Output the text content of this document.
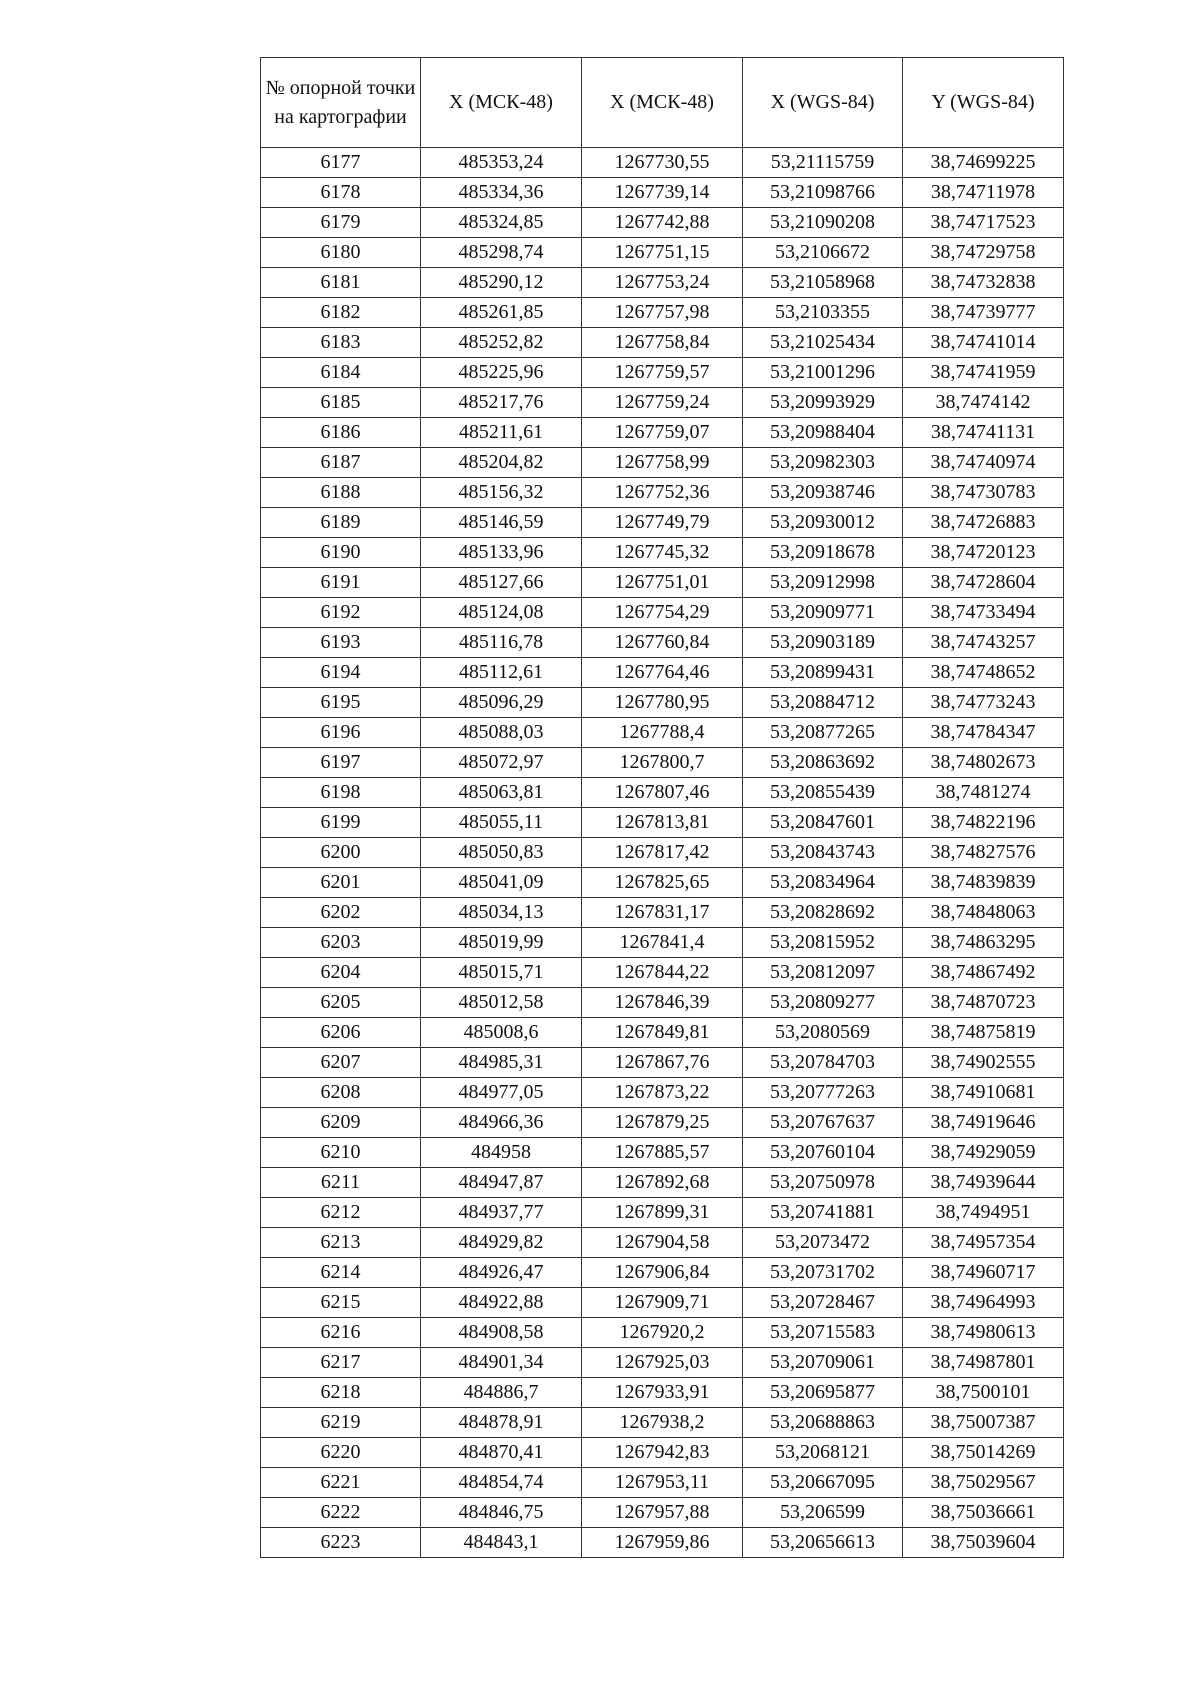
№ опорной точки на картографии	X (МСК-48)	X (МСК-48)	X (WGS-84)	Y (WGS-84)
6177	485353,24	1267730,55	53,21115759	38,74699225
6178	485334,36	1267739,14	53,21098766	38,74711978
6179	485324,85	1267742,88	53,21090208	38,74717523
6180	485298,74	1267751,15	53,2106672	38,74729758
6181	485290,12	1267753,24	53,21058968	38,74732838
6182	485261,85	1267757,98	53,2103355	38,74739777
6183	485252,82	1267758,84	53,21025434	38,74741014
6184	485225,96	1267759,57	53,21001296	38,74741959
6185	485217,76	1267759,24	53,20993929	38,7474142
6186	485211,61	1267759,07	53,20988404	38,74741131
6187	485204,82	1267758,99	53,20982303	38,74740974
6188	485156,32	1267752,36	53,20938746	38,74730783
6189	485146,59	1267749,79	53,20930012	38,74726883
6190	485133,96	1267745,32	53,20918678	38,74720123
6191	485127,66	1267751,01	53,20912998	38,74728604
6192	485124,08	1267754,29	53,20909771	38,74733494
6193	485116,78	1267760,84	53,20903189	38,74743257
6194	485112,61	1267764,46	53,20899431	38,74748652
6195	485096,29	1267780,95	53,20884712	38,74773243
6196	485088,03	1267788,4	53,20877265	38,74784347
6197	485072,97	1267800,7	53,20863692	38,74802673
6198	485063,81	1267807,46	53,20855439	38,7481274
6199	485055,11	1267813,81	53,20847601	38,74822196
6200	485050,83	1267817,42	53,20843743	38,74827576
6201	485041,09	1267825,65	53,20834964	38,74839839
6202	485034,13	1267831,17	53,20828692	38,74848063
6203	485019,99	1267841,4	53,20815952	38,74863295
6204	485015,71	1267844,22	53,20812097	38,74867492
6205	485012,58	1267846,39	53,20809277	38,74870723
6206	485008,6	1267849,81	53,2080569	38,74875819
6207	484985,31	1267867,76	53,20784703	38,74902555
6208	484977,05	1267873,22	53,20777263	38,74910681
6209	484966,36	1267879,25	53,20767637	38,74919646
6210	484958	1267885,57	53,20760104	38,74929059
6211	484947,87	1267892,68	53,20750978	38,74939644
6212	484937,77	1267899,31	53,20741881	38,7494951
6213	484929,82	1267904,58	53,2073472	38,74957354
6214	484926,47	1267906,84	53,20731702	38,74960717
6215	484922,88	1267909,71	53,20728467	38,74964993
6216	484908,58	1267920,2	53,20715583	38,74980613
6217	484901,34	1267925,03	53,20709061	38,74987801
6218	484886,7	1267933,91	53,20695877	38,7500101
6219	484878,91	1267938,2	53,20688863	38,75007387
6220	484870,41	1267942,83	53,2068121	38,75014269
6221	484854,74	1267953,11	53,20667095	38,75029567
6222	484846,75	1267957,88	53,206599	38,75036661
6223	484843,1	1267959,86	53,20656613	38,75039604
